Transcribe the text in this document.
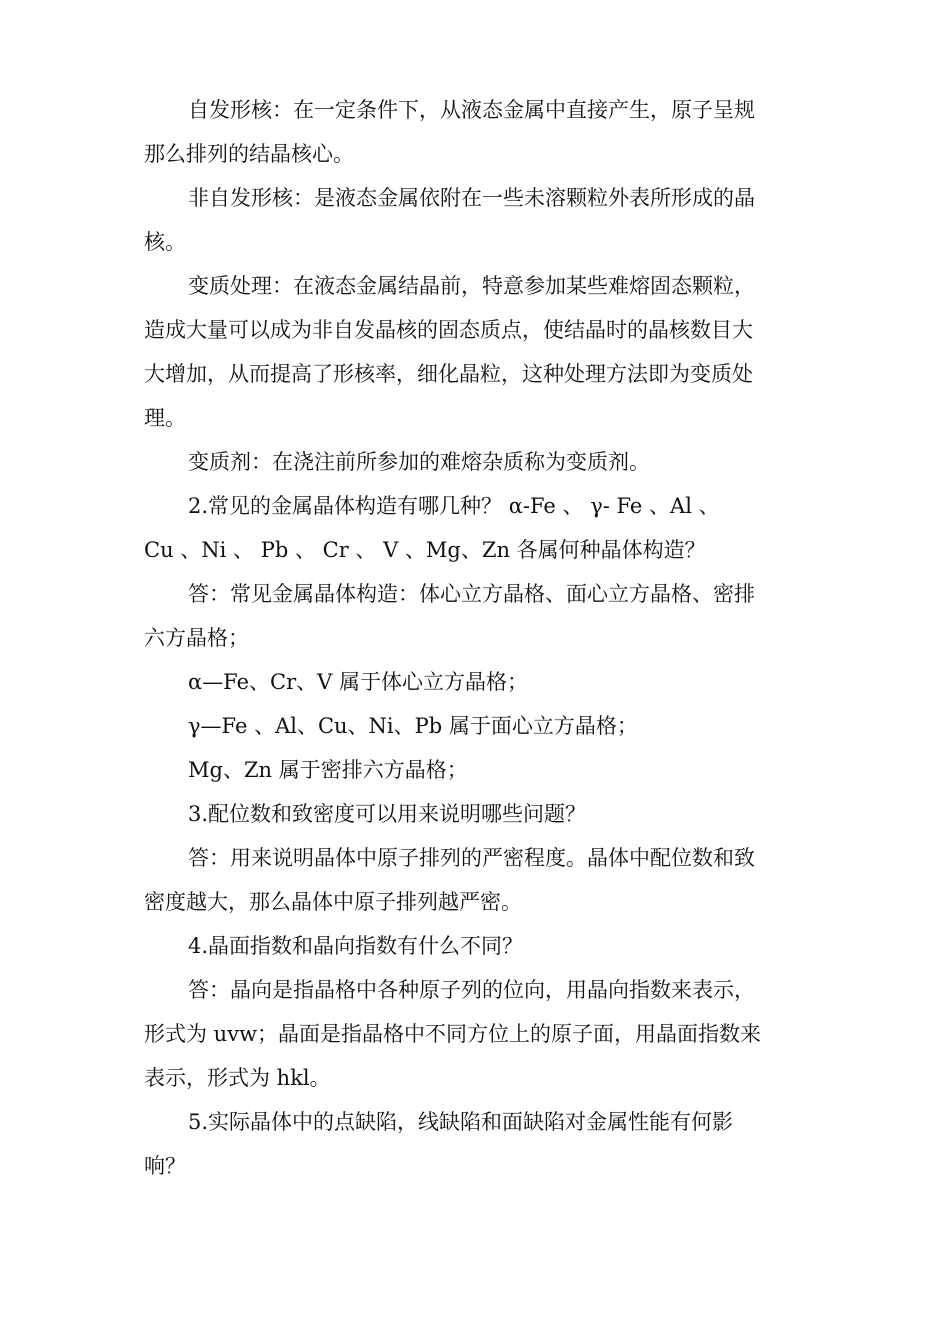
自发形核：在一定条件下，从液态金属中直接产生，原子呈规
那么排列的结晶核心。

非自发形核：是液态金属依附在一些未溶颗粒外表所形成的晶
核。

变质处理：在液态金属结晶前，特意参加某些难熔固态颗粒，
造成大量可以成为非自发晶核的固态质点，使结晶时的晶核数目大
大增加，从而提高了形核率，细化晶粒，这种处理方法即为变质处
理。

变质剂：在浇注前所参加的难熔杂质称为变质剂。

2.常见的金属晶体构造有哪几种？ α-Fe 、 γ- Fe 、Al 、
Cu 、Ni 、 Pb 、 Cr 、 V 、Mg、Zn 各属何种晶体构造？

答：常见金属晶体构造：体心立方晶格、面心立方晶格、密排
六方晶格；

α—Fe、Cr、V 属于体心立方晶格；

γ—Fe 、Al、Cu、Ni、Pb 属于面心立方晶格；

Mg、Zn 属于密排六方晶格；

3.配位数和致密度可以用来说明哪些问题？

答：用来说明晶体中原子排列的严密程度。晶体中配位数和致
密度越大，那么晶体中原子排列越严密。

4.晶面指数和晶向指数有什么不同？

答：晶向是指晶格中各种原子列的位向，用晶向指数来表示，
形式为 uvw；晶面是指晶格中不同方位上的原子面，用晶面指数来
表示，形式为 hkl。

5.实际晶体中的点缺陷，线缺陷和面缺陷对金属性能有何影
响？
